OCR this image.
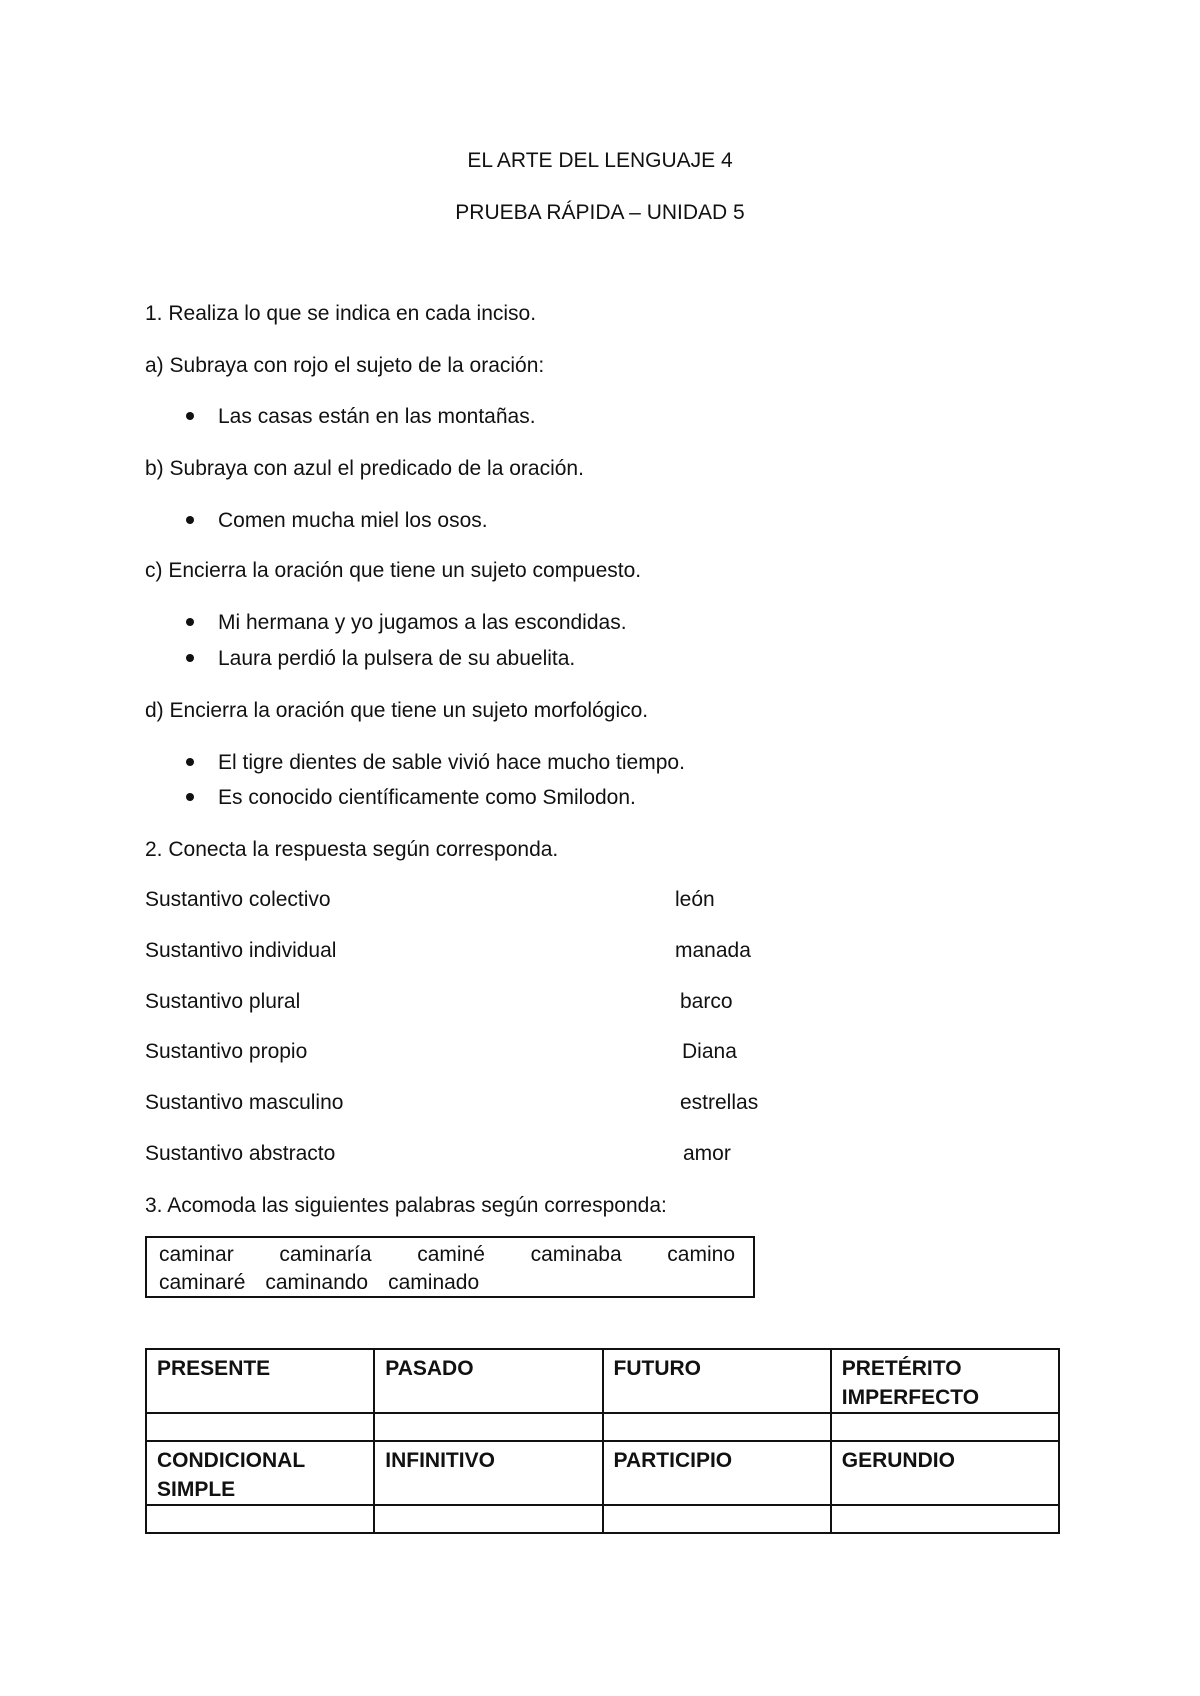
EL ARTE DEL LENGUAJE 4
PRUEBA RÁPIDA – UNIDAD 5
1. Realiza lo que se indica en cada inciso.
a) Subraya con rojo el sujeto de la oración:
Las casas están en las montañas.
b) Subraya con azul el predicado de la oración.
Comen mucha miel los osos.
c) Encierra la oración que tiene un sujeto compuesto.
Mi hermana y yo jugamos a las escondidas.
Laura perdió la pulsera de su abuelita.
d) Encierra la oración que tiene un sujeto morfológico.
El tigre dientes de sable vivió hace mucho tiempo.
Es conocido científicamente como Smilodon.
2. Conecta la respuesta según corresponda.
Sustantivo colectivo	león
Sustantivo individual	manada
Sustantivo plural	barco
Sustantivo propio	Diana
Sustantivo masculino	estrellas
Sustantivo abstracto	amor
3. Acomoda las siguientes palabras según corresponda:
caminar caminaría caminé caminaba camino
caminaré caminando caminado
PRESENTE	PASADO	FUTURO	PRETÉRITO IMPERFECTO

CONDICIONAL SIMPLE	INFINITIVO	PARTICIPIO	GERUNDIO
